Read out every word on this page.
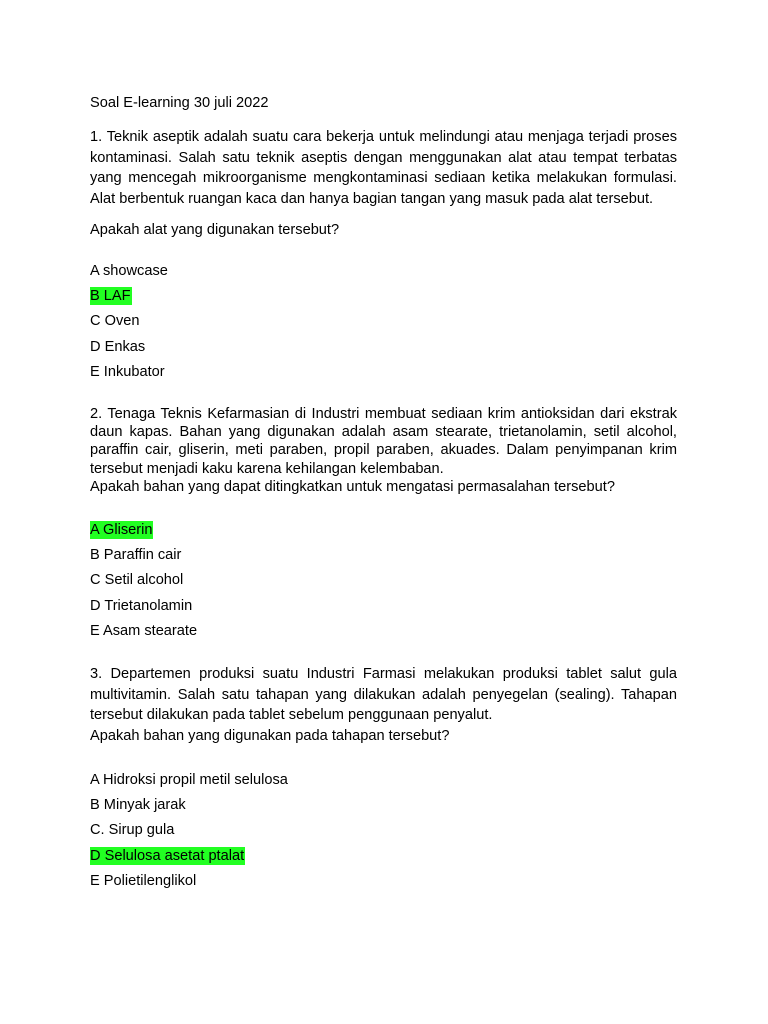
Soal E-learning 30 juli 2022

1. Teknik aseptik adalah suatu cara bekerja untuk melindungi atau menjaga terjadi proses kontaminasi. Salah satu teknik aseptis dengan menggunakan alat atau tempat terbatas yang mencegah mikroorganisme mengkontaminasi sediaan ketika melakukan formulasi. Alat berbentuk ruangan kaca dan hanya bagian tangan yang masuk pada alat tersebut.

Apakah alat yang digunakan tersebut?

A showcase
B LAF
C Oven
D Enkas
E Inkubator

2. Tenaga Teknis Kefarmasian di Industri membuat sediaan krim antioksidan dari ekstrak daun kapas. Bahan yang digunakan adalah asam stearate, trietanolamin, setil alcohol, paraffin cair, gliserin, meti paraben, propil paraben, akuades. Dalam penyimpanan krim tersebut menjadi kaku karena kehilangan kelembaban.

Apakah bahan yang dapat ditingkatkan untuk mengatasi permasalahan tersebut?

A Gliserin
B Paraffin cair
C Setil alcohol
D Trietanolamin
E Asam stearate

3. Departemen produksi suatu Industri Farmasi melakukan produksi tablet salut gula multivitamin. Salah satu tahapan yang dilakukan adalah penyegelan (sealing). Tahapan tersebut dilakukan pada tablet sebelum penggunaan penyalut.

Apakah bahan yang digunakan pada tahapan tersebut?

A Hidroksi propil metil selulosa
B Minyak jarak
C. Sirup gula
D Selulosa asetat ptalat
E Polietilenglikol
